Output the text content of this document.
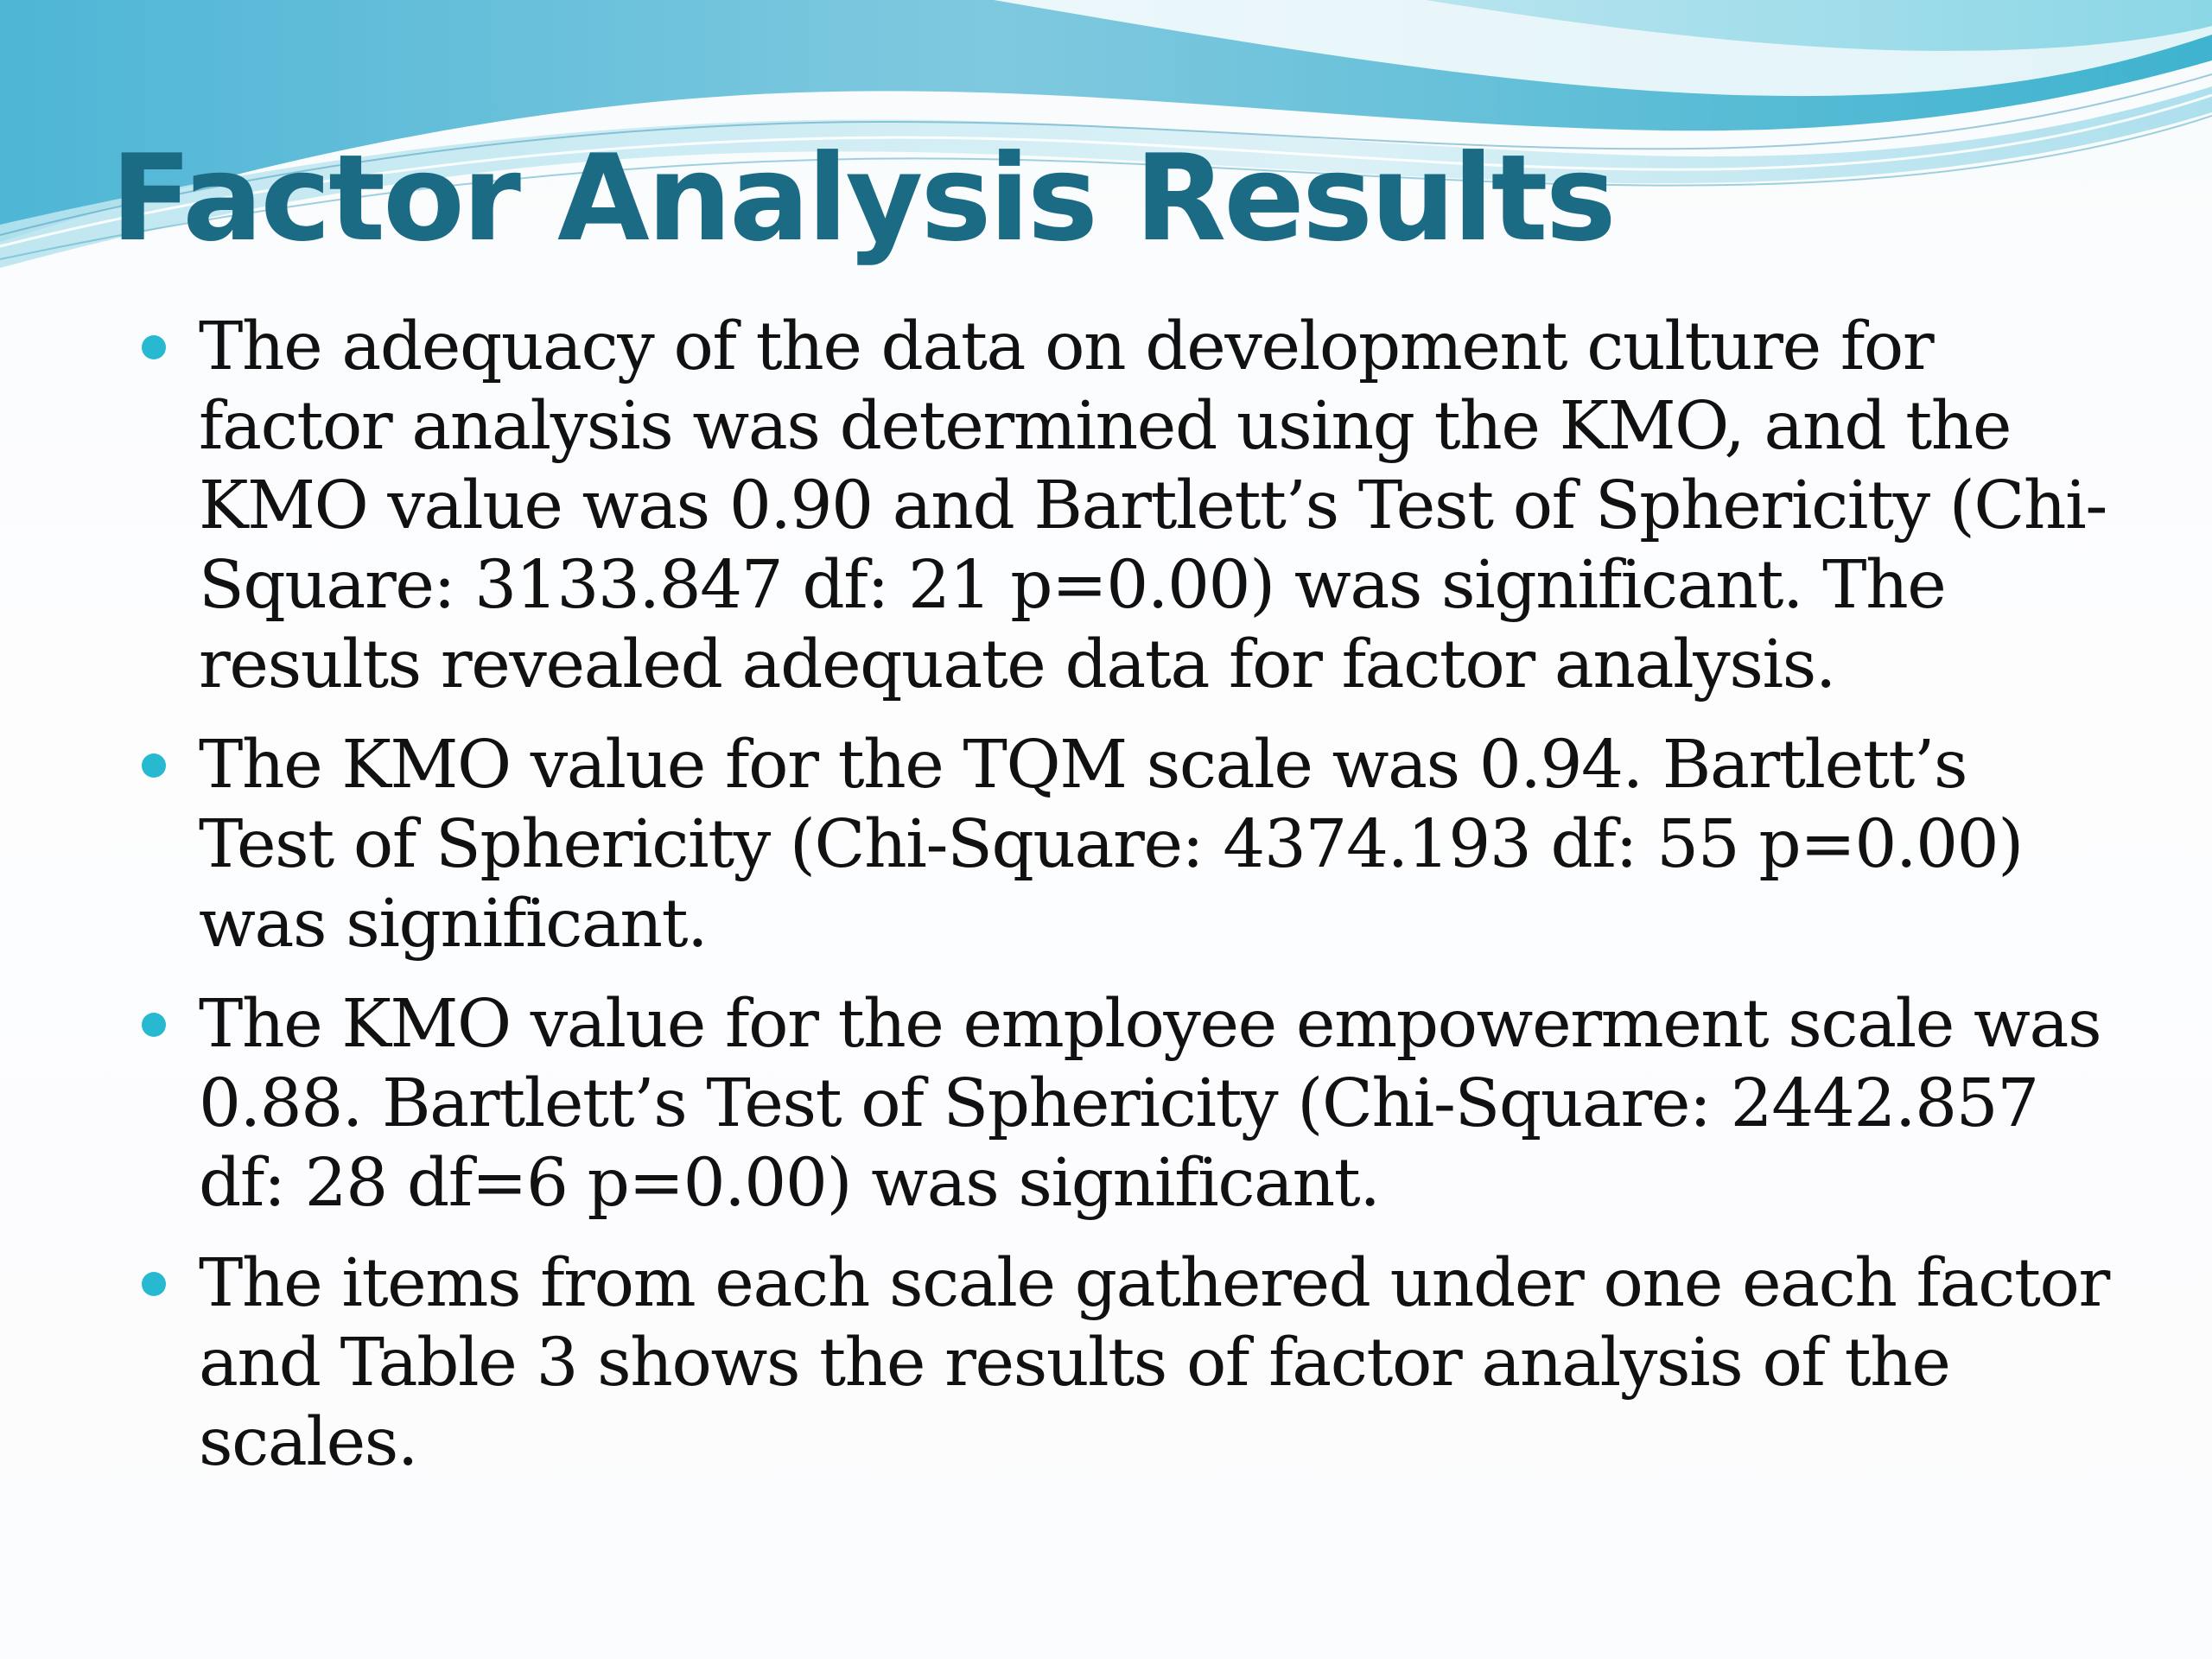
Factor Analysis Results
The adequacy of the data on development culture for factor analysis was determined using the KMO, and the KMO value was 0.90 and Bartlett’s Test of Sphericity (Chi-Square: 3133.847 df: 21 p=0.00) was significant. The results revealed adequate data for factor analysis.
The KMO value for the TQM scale was 0.94. Bartlett’s Test of Sphericity (Chi-Square: 4374.193 df: 55 p=0.00) was significant.
The KMO value for the employee empowerment scale was 0.88. Bartlett’s Test of Sphericity (Chi-Square: 2442.857 df: 28 df=6 p=0.00) was significant.
The items from each scale gathered under one each factor and Table 3 shows the results of factor analysis of the scales.
